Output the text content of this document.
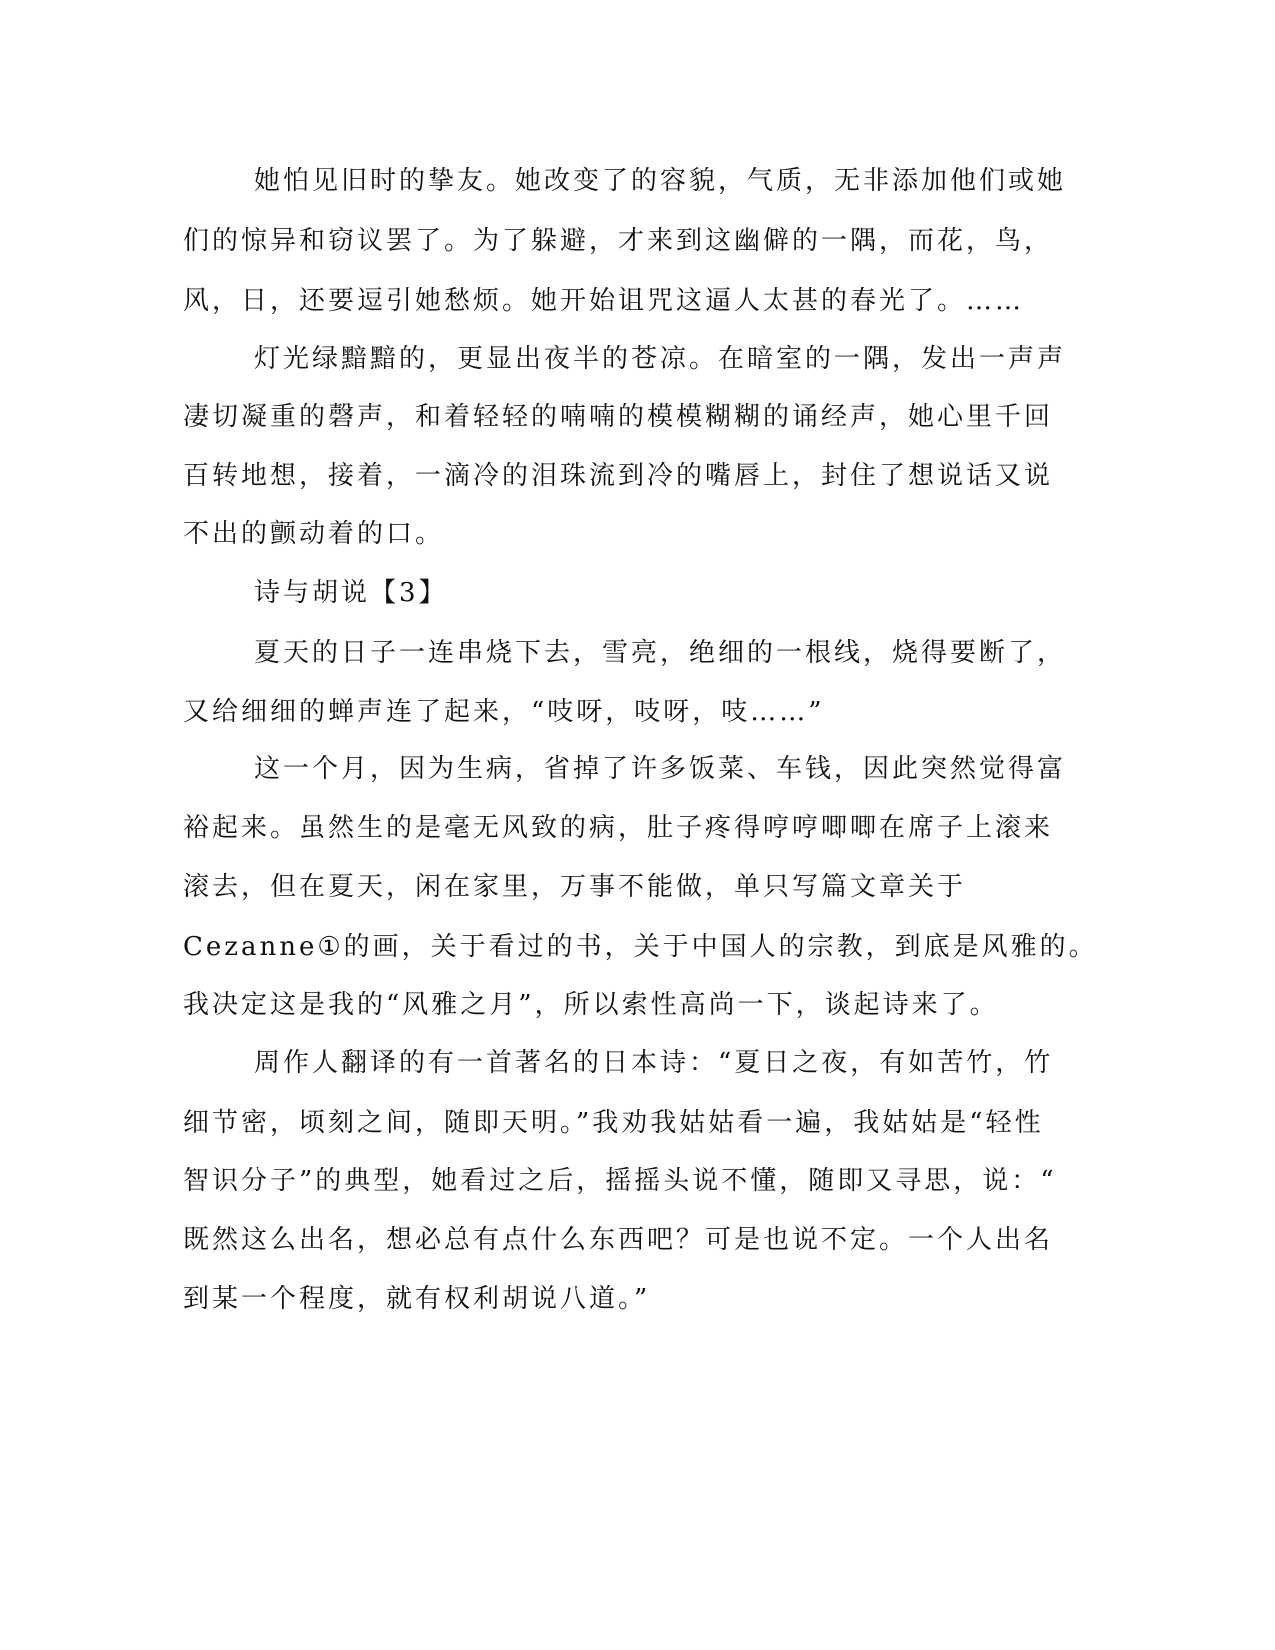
她怕见旧时的挚友。她改变了的容貌，气质，无非添加他们或她

们的惊异和窃议罢了。为了躲避，才来到这幽僻的一隅，而花，鸟，

风，日，还要逗引她愁烦。她开始诅咒这逼人太甚的春光了。……

灯光绿黯黯的，更显出夜半的苍凉。在暗室的一隅，发出一声声

凄切凝重的磬声，和着轻轻的喃喃的模模糊糊的诵经声，她心里千回

百转地想，接着，一滴冷的泪珠流到冷的嘴唇上，封住了想说话又说

不出的颤动着的口。

诗与胡说【3】

夏天的日子一连串烧下去，雪亮，绝细的一根线，烧得要断了，

又给细细的蝉声连了起来，“吱呀，吱呀，吱……”

这一个月，因为生病，省掉了许多饭菜、车钱，因此突然觉得富

裕起来。虽然生的是毫无风致的病，肚子疼得哼哼唧唧在席子上滚来

滚去，但在夏天，闲在家里，万事不能做，单只写篇文章关于

Cezanne①的画，关于看过的书，关于中国人的宗教，到底是风雅的。

我决定这是我的“风雅之月”，所以索性高尚一下，谈起诗来了。

周作人翻译的有一首著名的日本诗：“夏日之夜，有如苦竹，竹

细节密，顷刻之间，随即天明。”我劝我姑姑看一遍，我姑姑是“轻性

智识分子”的典型，她看过之后，摇摇头说不懂，随即又寻思，说：“

既然这么出名，想必总有点什么东西吧？可是也说不定。一个人出名

到某一个程度，就有权利胡说八道。”
